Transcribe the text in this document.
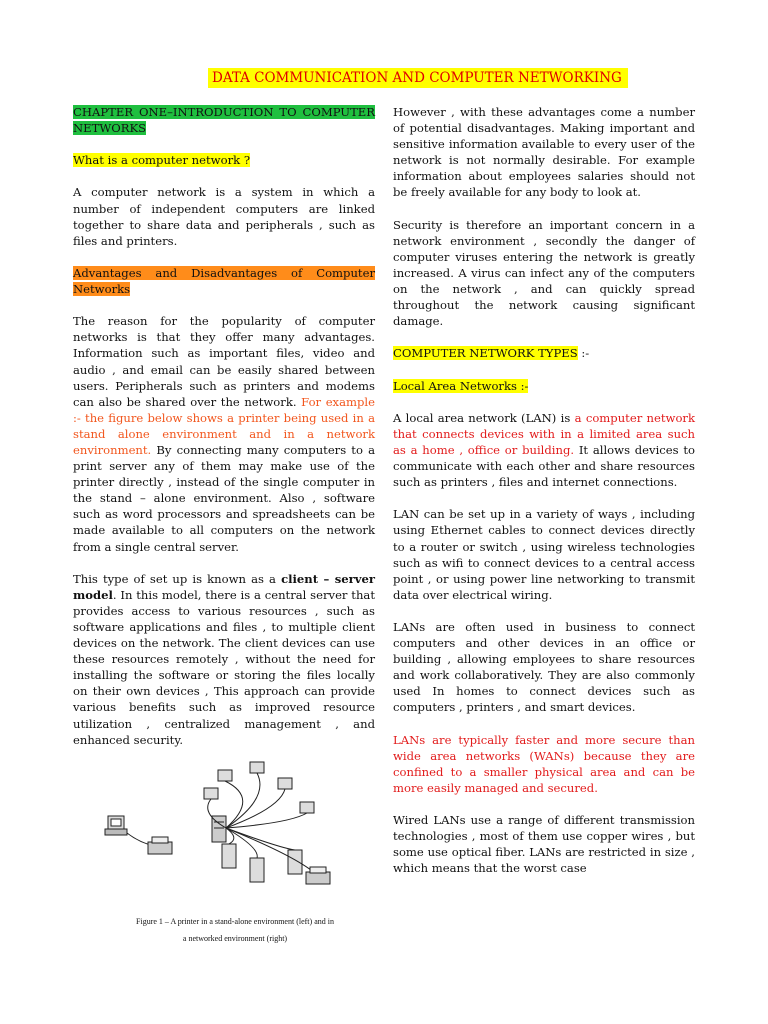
DATA COMMUNICATION AND COMPUTER NETWORKING

CHAPTER ONE–INTRODUCTION TO COMPUTER NETWORKS

What is a computer network ?

A computer network is a system in which a number of independent computers are linked together to share data and peripherals , such as files and printers.

Advantages and Disadvantages of Computer Networks

The reason for the popularity of computer networks is that they offer many advantages. Information such as important files, video and audio , and email can be easily shared between users. Peripherals such as printers and modems can also be shared over the network. For example :- the figure below shows a printer being used in a stand alone environment and in a network environment. By connecting many computers to a print server any of them may make use of the printer directly , instead of the single computer in the stand – alone environment. Also , software such as word processors and spreadsheets can be made available to all computers on the network from a single central server.

This type of set up is known as a client – server model. In this model, there is a central server that provides access to various resources , such as software applications and files , to multiple client devices on the network. The client devices can use these resources remotely , without the need for installing the software or storing the files locally on their own devices , This approach can provide various benefits such as improved resource utilization , centralized management , and enhanced security.

Figure 1 – A printer in a stand-alone environment (left) and in
a networked environment (right)

However , with these advantages come a number of potential disadvantages. Making important and sensitive information available to every user of the network is not normally desirable. For example information about employees salaries should not be freely available for any body to look at.

Security is therefore an important concern in a network environment , secondly the danger of computer viruses entering the network is greatly increased. A virus can infect any of the computers on the network , and can quickly spread throughout the network causing significant damage.

COMPUTER NETWORK TYPES :-

Local Area Networks :-

A local area network (LAN) is a computer network that connects devices with in a limited area such as a home , office or building. It allows devices to communicate with each other and share resources such as printers , files and internet connections.

LAN can be set up in a variety of ways , including using Ethernet cables to connect devices directly to a router or switch , using wireless technologies such as wifi to connect devices to a central access point , or using power line networking to transmit data over electrical wiring.

LANs are often used in business to connect computers and other devices in an office or building , allowing employees to share resources and work collaboratively. They are also commonly used In homes to connect devices such as computers , printers , and smart devices.

LANs are typically faster and more secure than wide area networks (WANs) because they are confined to a smaller physical area and can be more easily managed and secured.

Wired LANs use a range of different transmission technologies , most of them use copper wires , but some use optical fiber. LANs are restricted in size , which means that the worst case
